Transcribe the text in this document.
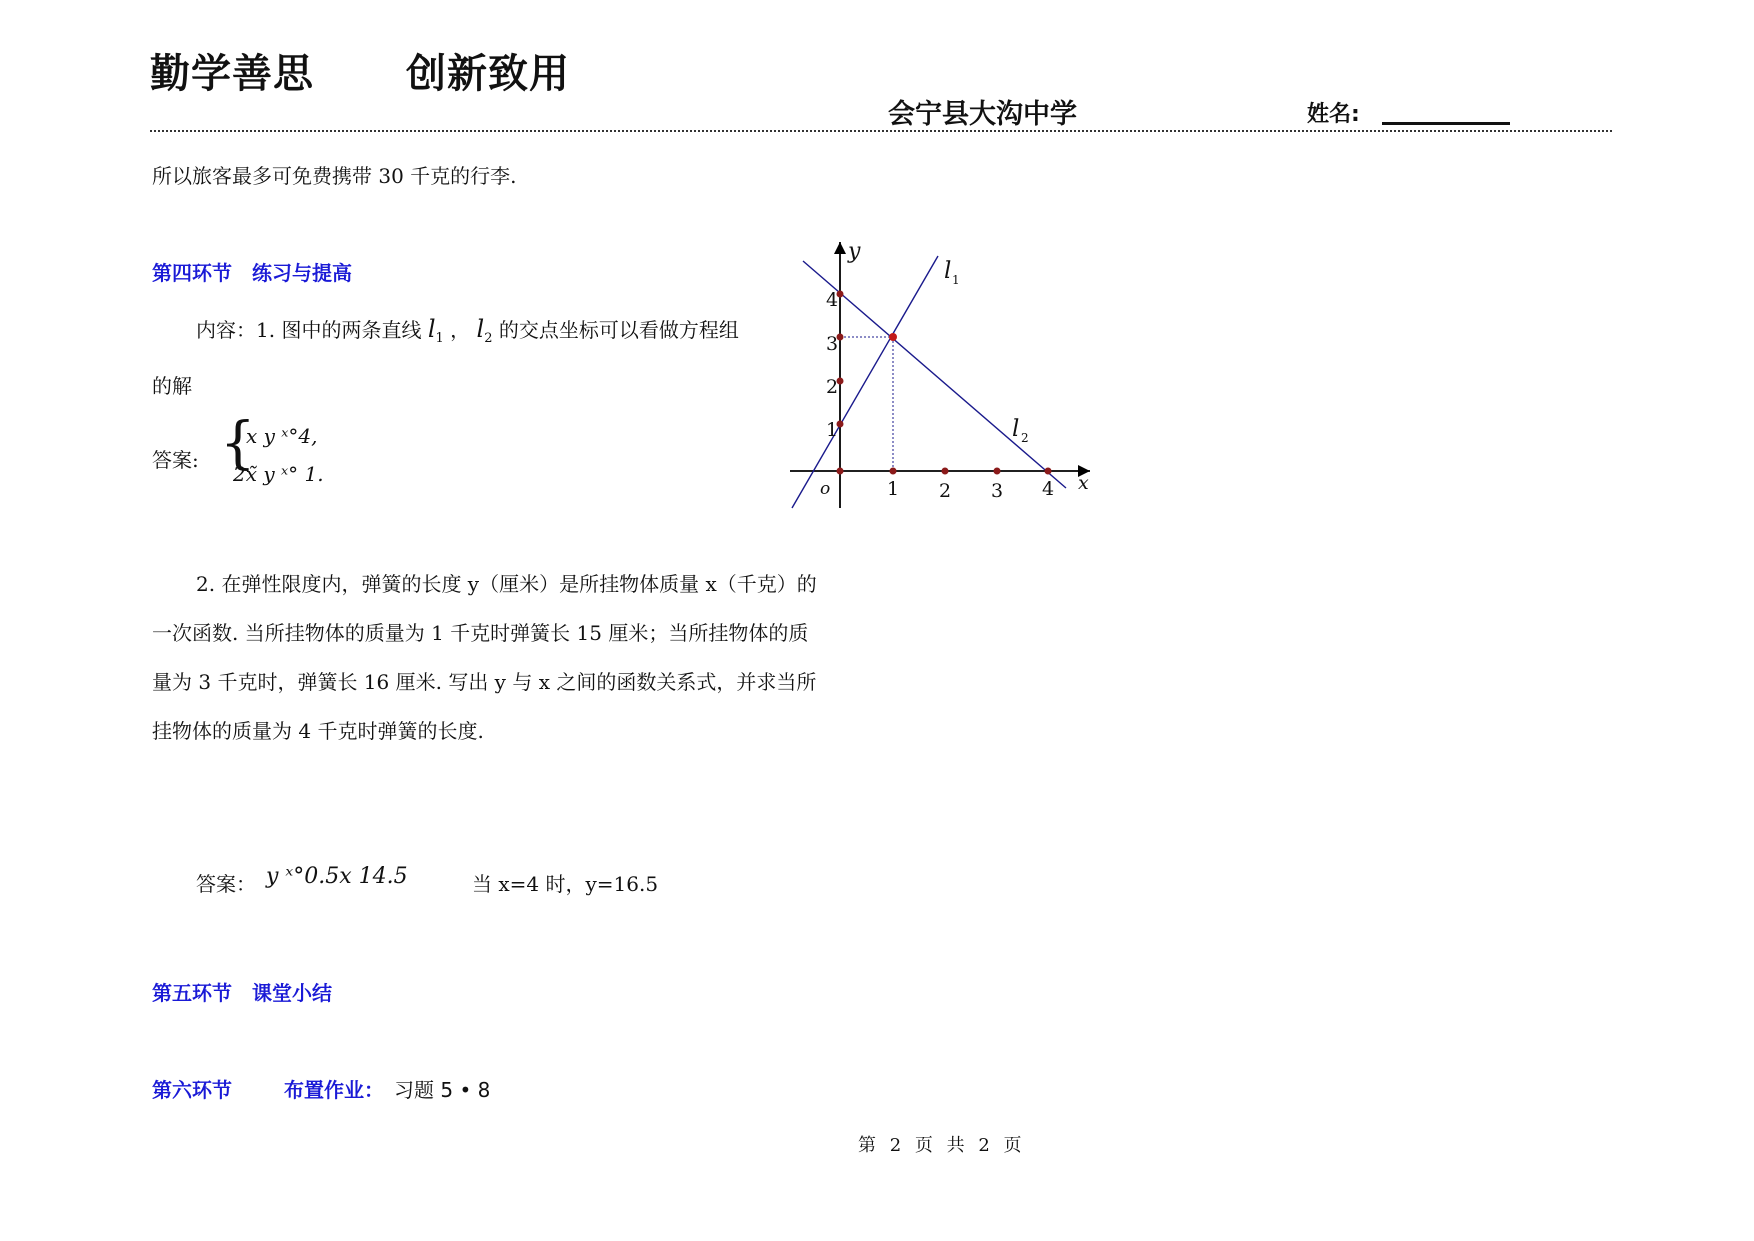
勤学善思 创新致用
会宁县大沟中学	姓名:
所以旅客最多可免费携带 30 千克的行李.
第四环节　练习与提高
内容：1. 图中的两条直线 $l_1$ ， $l_2$ 的交点坐标可以看做方程组
的解
答案: {
x y ˣ°4,
2x̃ y ˣ° 1.
y
x
o	1 2 3 4
1
2
3
4
l 1
l 2
2. 在弹性限度内，弹簧的长度 y（厘米）是所挂物体质量 x（千克）的
一次函数. 当所挂物体的质量为 1 千克时弹簧长 15 厘米；当所挂物体的质
量为 3 千克时，弹簧长 16 厘米. 写出 y 与 x 之间的函数关系式，并求当所
挂物体的质量为 4 千克时弹簧的长度.
答案： y ˣ°0.5x 14.5	当 x=4 时，y=16.5
第五环节　课堂小结
第六环节	布置作业： 习题 5 • 8
第 2 页 共 2 页
